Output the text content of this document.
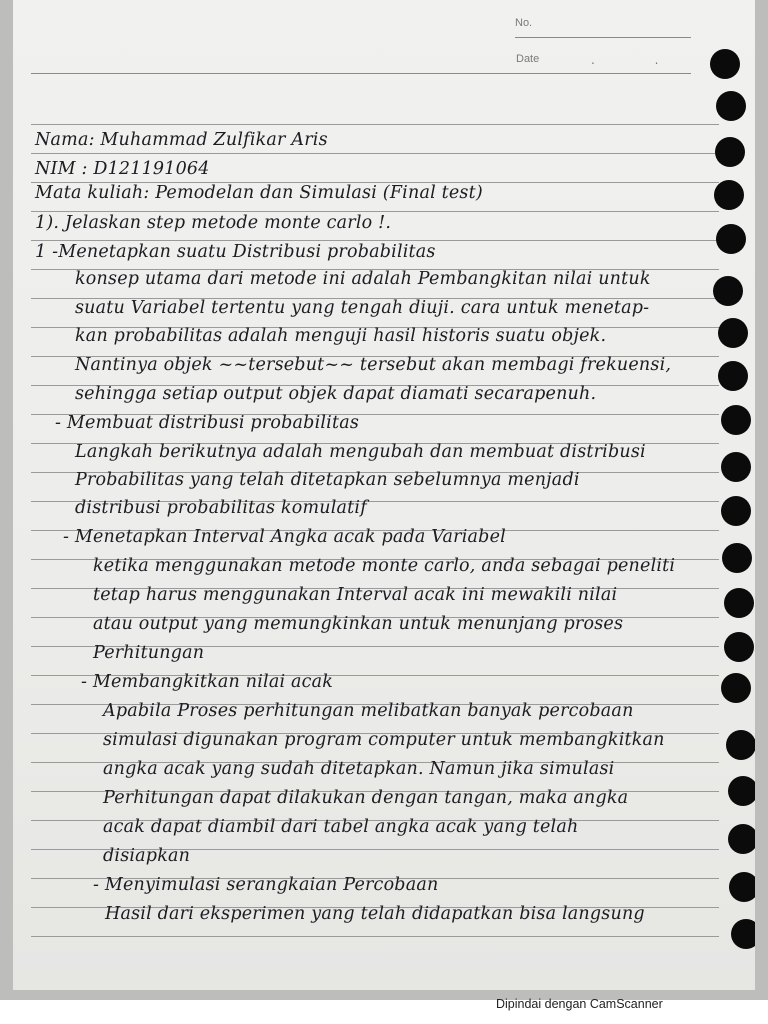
No.
Date	. .
Nama: Muhammad Zulfikar Aris
NIM : D121191064
Mata kuliah: Pemodelan dan Simulasi (Final test)
1). Jelaskan step metode monte carlo !.
1 -Menetapkan suatu Distribusi probabilitas
konsep utama dari metode ini adalah Pembangkitan nilai untuk
suatu Variabel tertentu yang tengah diuji. cara untuk menetap-
kan probabilitas adalah menguji hasil historis suatu objek.
Nantinya objek ~~tersebut~~ tersebut akan membagi frekuensi,
sehingga setiap output objek dapat diamati secarapenuh.
- Membuat distribusi probabilitas
Langkah berikutnya adalah mengubah dan membuat distribusi
Probabilitas yang telah ditetapkan sebelumnya menjadi
distribusi probabilitas komulatif
- Menetapkan Interval Angka acak pada Variabel
ketika menggunakan metode monte carlo, anda sebagai peneliti
tetap harus menggunakan Interval acak ini mewakili nilai
atau output yang memungkinkan untuk menunjang proses
Perhitungan
- Membangkitkan nilai acak
Apabila Proses perhitungan melibatkan banyak percobaan
simulasi digunakan program computer untuk membangkitkan
angka acak yang sudah ditetapkan. Namun jika simulasi
Perhitungan dapat dilakukan dengan tangan, maka angka
acak dapat diambil dari tabel angka acak yang telah
disiapkan
- Menyimulasi serangkaian Percobaan
Hasil dari eksperimen yang telah didapatkan bisa langsung
Dipindai dengan CamScanner
